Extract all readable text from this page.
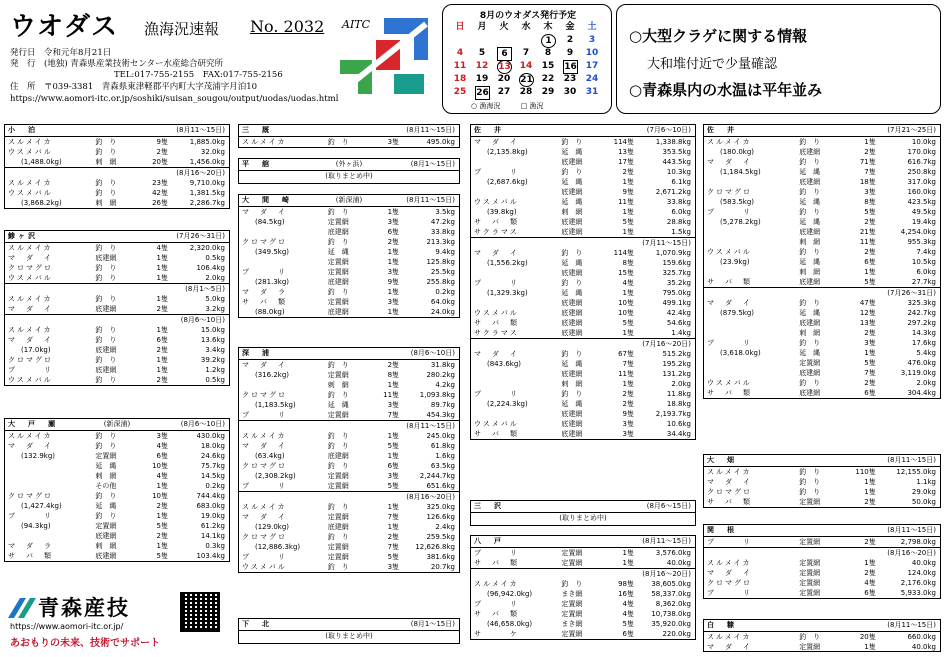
ウオダス 漁海況速報 No. 2032
発行日　令和元年8月21日
発　行　(地独) 青森県産業技術センター水産総合研究所
TEL:017-755-2155　FAX:017-755-2156
住　所　〒039-3381　青森県東津軽郡平内町大字茂浦字月泊10
https://www.aomori-itc.or.jp/soshiki/suisan_sougou/output/uodas/uodas.html
AITC
8月のウオダス発行予定
日	月	火	水	木	金	土
1	2	3
4	5	6	7	8	9	10
11	12	13 14	15	16 17
18	19	20	21 22	23	24
25	26 27	28	29	30	31
○ 漁海況	□ 漁況
○大型クラゲに関する情報
大和堆付近で少量確認
○青森県内の水温は平年並み
小　泊	(8月11〜15日)
スルメイカ	釣　り	9隻	1,885.0kg
ウスメバル	釣　り	2隻	32.0kg
(1,488.0kg)	刺　網	20隻	1,456.0kg
(8月16〜20日)
スルメイカ	釣　り	23隻	9,710.0kg
ウスメバル	釣　り	42隻	1,381.5kg
(3,868.2kg)	刺　網	26隻	2,286.7kg
鯵ヶ沢	(7月26〜31日)
スルメイカ	釣　り	4隻	2,320.0kg
マ　ダ　イ	底建網	1隻	0.5kg
クロマグロ	釣　り	1隻	106.4kg
ウスメバル	釣　り	1隻	2.0kg
(8月1〜5日)
スルメイカ	釣　り	1隻	5.0kg
マ　ダ　イ	底建網	2隻	3.2kg
(8月6〜10日)
スルメイカ	釣　り	1隻	15.0kg
マ　ダ　イ	釣　り	6隻	13.6kg
(17.0kg)	底建網	2隻	3.4kg
クロマグロ	釣　り	1隻	39.2kg
ブ　　　リ	底建網	1隻	1.2kg
ウスメバル	釣　り	2隻	0.5kg
大　戸　瀬	(新深浦)	(8月6〜10日)
スルメイカ	釣　り	3隻	430.0kg
マ　ダ　イ	釣　り	4隻	18.0kg
(132.9kg)	定置網	6隻	24.6kg
延　縄	10隻	75.7kg
刺　網	4隻	14.5kg
その他	1隻	0.2kg
クロマグロ	釣　り	10隻	744.4kg
(1,427.4kg)	延　縄	2隻	683.0kg
ブ　　　リ	釣　り	1隻	19.0kg
(94.3kg)	定置網	5隻	61.2kg
底建網	2隻	14.1kg
マ　ダ　ラ	刺　網	1隻	0.3kg
サ　バ　類	底建網	5隻	103.4kg
三　厩	(8月11〜15日)
スルメイカ	釣　り	3隻	495.0kg
平　舘	(外ヶ浜)	(8月1〜15日)
(取りまとめ中)
大　間　崎	(新深浦)	(8月11〜15日)
マ　ダ　イ	釣　り	1隻	3.5kg
(84.5kg)	定置網	3隻	47.2kg
底建網	6隻	33.8kg
クロマグロ	釣　り	2隻	213.3kg
(349.5kg)	延　縄	1隻	9.4kg
定置網	1隻	125.8kg
ブ　　　リ	定置網	3隻	25.5kg
(281.3kg)	底建網	9隻	255.8kg
マ　ダ　ラ	釣　り	1隻	0.2kg
サ　バ　類	定置網	3隻	64.0kg
(88.0kg)	底建網	1隻	24.0kg
深　浦	(8月6〜10日)
マ　ダ　イ	釣　り	2隻	31.8kg
(316.2kg)	定置網	8隻	280.2kg
刺　網	1隻	4.2kg
クロマグロ	釣　り	11隻	1,093.8kg
(1,183.5kg)	延　縄	3隻	89.7kg
ブ　　　リ	定置網	7隻	454.3kg
(8月11〜15日)
スルメイカ	釣　り	1隻	245.0kg
マ　ダ　イ	釣　り	5隻	61.8kg
(63.4kg)	底建網	1隻	1.6kg
クロマグロ	釣　り	6隻	63.5kg
(2,308.2kg)	定置網	3隻	2,244.7kg
ブ　　　リ	定置網	5隻	651.6kg
(8月16〜20日)
スルメイカ	釣　り	1隻	325.0kg
マ　ダ　イ	定置網	7隻	126.6kg
(129.0kg)	底建網	1隻	2.4kg
クロマグロ	釣　り	2隻	259.5kg
(12,886.3kg)	定置網	7隻 12,626.8kg
ブ　　　リ	定置網	5隻	381.6kg
ウスメバル	釣　り	3隻	20.7kg
下　北	(8月1〜15日)
(取りまとめ中)
佐　井	(7月6〜10日)
マ　ダ　イ	釣　り	114隻	1,338.8kg
(2,135.8kg)	延　縄	13隻	353.5kg
底建網	17隻	443.5kg
ブ　　　リ	釣　り	2隻	10.3kg
(2,687.6kg)	延　縄	1隻	6.1kg
底建網	9隻	2,671.2kg
ウスメバル	延　縄	11隻	33.8kg
(39.8kg)	刺　網	1隻	6.0kg
サ　バ　類	底建網	5隻	28.8kg
サクラマス	底建網	1隻	1.5kg
(7月11〜15日)
マ　ダ　イ	釣　り	114隻	1,070.9kg
(1,556.2kg)	延　縄	8隻	159.6kg
底建網	15隻	325.7kg
ブ　　　リ	釣　り	4隻	35.2kg
(1,329.3kg)	延　縄	1隻	795.0kg
底建網	10隻	499.1kg
ウスメバル	底建網	10隻	42.4kg
サ　バ　類	底建網	5隻	54.6kg
サクラマス	底建網	1隻	1.4kg
(7月16〜20日)
マ　ダ　イ	釣　り	67隻	515.2kg
(843.6kg)	延　縄	7隻	195.2kg
底建網	11隻	131.2kg
刺　網	1隻	2.0kg
ブ　　　リ	釣　り	2隻	11.8kg
(2,224.3kg)	延　縄	2隻	18.8kg
底建網	9隻	2,193.7kg
ウスメバル	底建網	3隻	10.6kg
サ　バ　類	底建網	3隻	34.4kg
三　沢	(8月6〜15日)
(取りまとめ中)
八　戸	(8月11〜15日)
ブ　　　リ	定置網	1隻	3,576.0kg
サ　バ　類	定置網	1隻	40.0kg
(8月16〜20日)
スルメイカ	釣　り	98隻 38,605.0kg
(96,942.0kg)	まき網	16隻 58,337.0kg
ブ　　　リ	定置網	4隻	8,362.0kg
サ　バ　類	定置網	4隻 10,738.0kg
(46,658.0kg)	まき網	5隻 35,920.0kg
サ　　　ケ	定置網	6隻	220.0kg
佐　井	(7月21〜25日)
スルメイカ	釣　り	1隻	10.0kg
(180.0kg)	底建網	2隻	170.0kg
マ　ダ　イ	釣　り	71隻	616.7kg
(1,184.5kg)	延　縄	7隻	250.8kg
底建網	18隻	317.0kg
クロマグロ	釣　り	3隻	160.0kg
(583.5kg)	延　縄	8隻	423.5kg
ブ　　　リ	釣　り	5隻	49.5kg
(5,278.2kg)	延　縄	2隻	19.4kg
底建網	21隻	4,254.0kg
刺　網	11隻	955.3kg
ウスメバル	釣　り	2隻	7.4kg
(23.9kg)	延　縄	6隻	10.5kg
刺　網	1隻	6.0kg
サ　バ　類	底建網	5隻	27.7kg
(7月26〜31日)
マ　ダ　イ	釣　り	47隻	325.3kg
(879.5kg)	延　縄	12隻	242.7kg
底建網	13隻	297.2kg
刺　網	2隻	14.3kg
ブ　　　リ	釣　り	3隻	17.6kg
(3,618.0kg)	延　縄	1隻	5.4kg
定置網	5隻	476.0kg
底建網	7隻	3,119.0kg
ウスメバル	釣　り	2隻	2.0kg
サ　バ　類	底建網	6隻	304.4kg
大　畑	(8月11〜15日)
スルメイカ	釣　り	110隻	12,155.0kg
マ　ダ　イ	釣　り	1隻	1.1kg
クロマグロ	釣　り	1隻	29.0kg
サ　バ　類	定置網	2隻	50.0kg
関　根	(8月11〜15日)
ブ　　　リ	定置網	2隻	2,798.0kg
(8月16〜20日)
スルメイカ	定置網	1隻	40.0kg
マ　ダ　イ	定置網	2隻	124.0kg
クロマグロ	定置網	4隻	2,176.0kg
ブ　　　リ	定置網	6隻	5,933.0kg
白　糠	(8月11〜15日)
スルメイカ	釣　り	20隻	660.0kg
マ　ダ　イ	定置網	1隻	40.0kg
青森産技
https://www.aomori-itc.or.jp/
あおもりの未来、技術でサポート
